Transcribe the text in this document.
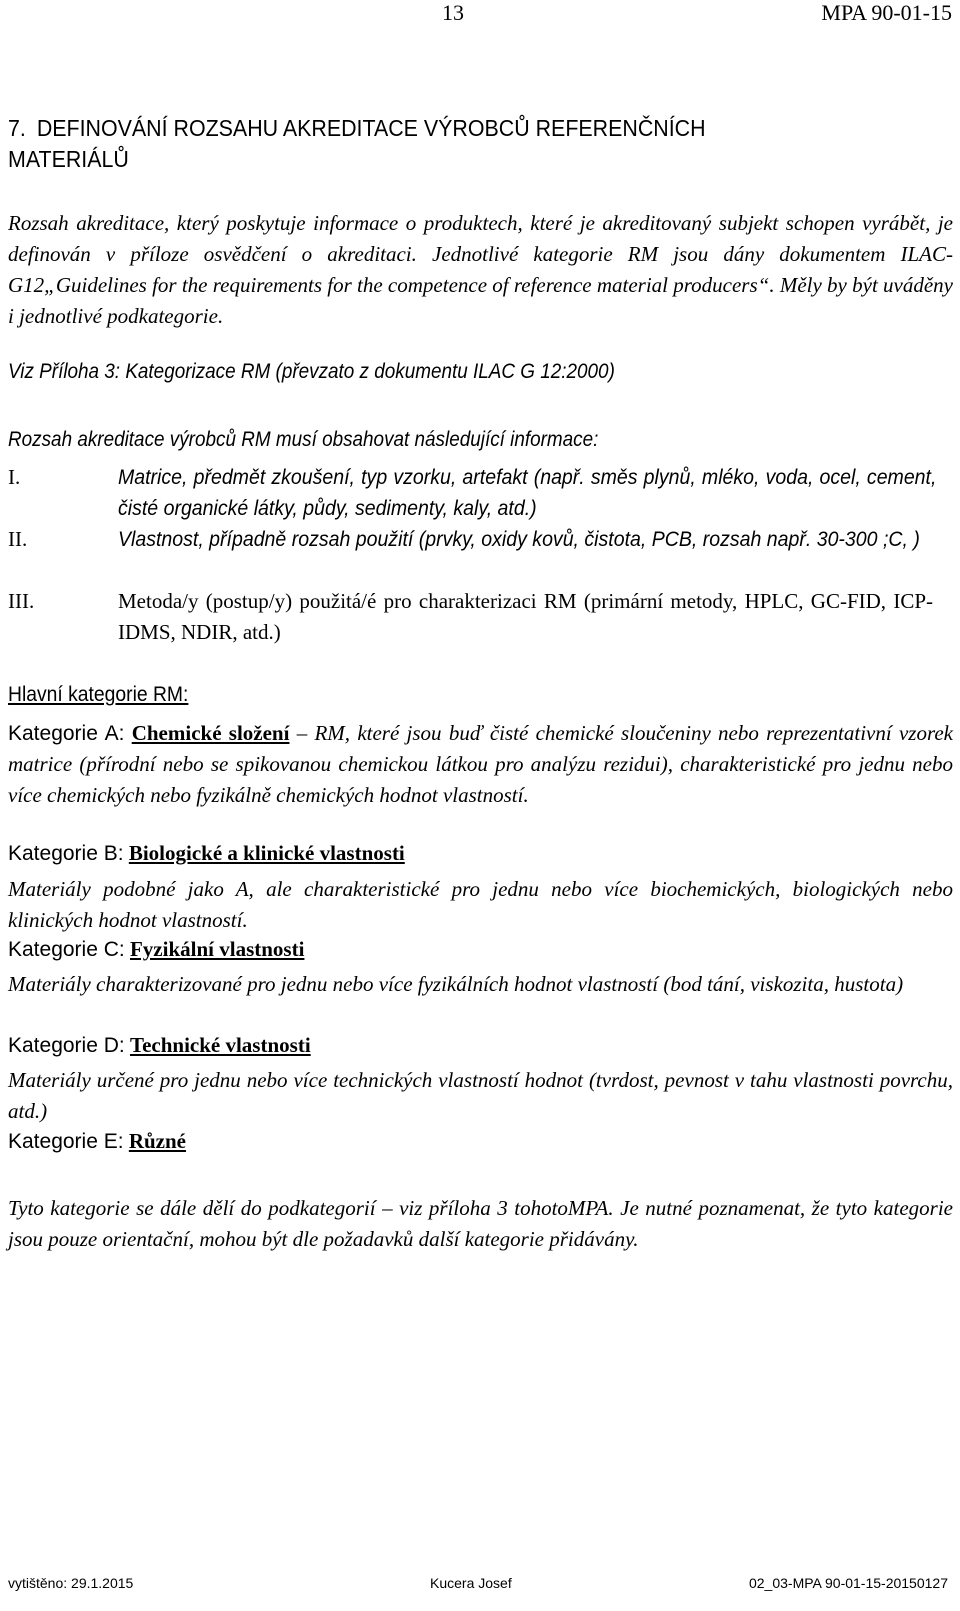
13	MPA 90-01-15
7. DEFINOVÁNÍ ROZSAHU AKREDITACE VÝROBCŮ REFERENČNÍCH
MATERIÁLŮ
Rozsah akreditace, který poskytuje informace o produktech, které je akreditovaný subjekt schopen vyrábět, je definován v příloze osvědčení o akreditaci. Jednotlivé kategorie RM jsou dány dokumentem ILAC-G12„Guidelines for the requirements for the competence of reference material producers“. Měly by být uváděny i jednotlivé podkategorie.
Viz Příloha 3: Kategorizace RM (převzato z dokumentu ILAC G 12:2000)
Rozsah akreditace výrobců RM musí obsahovat následující informace:
I.	Matrice, předmět zkoušení, typ vzorku, artefakt (např. směs plynů, mléko, voda, ocel, cement, čisté organické látky, půdy, sedimenty, kaly, atd.)
II.	Vlastnost, případně rozsah použití (prvky, oxidy kovů, čistota, PCB, rozsah např. 30-300 ;C, )
III.	Metoda/y (postup/y) použitá/é pro charakterizaci RM (primární metody, HPLC, GC-FID, ICP-IDMS, NDIR, atd.)
Hlavní kategorie RM:
Kategorie A: Chemické složení – RM, které jsou buď čisté chemické sloučeniny nebo reprezentativní vzorek matrice (přírodní nebo se spikovanou chemickou látkou pro analýzu rezidui), charakteristické pro jednu nebo více chemických nebo fyzikálně chemických hodnot vlastností.
Kategorie B: Biologické a klinické vlastnosti
Materiály podobné jako A, ale charakteristické pro jednu nebo více biochemických, biologických nebo klinických hodnot vlastností.
Kategorie C: Fyzikální vlastnosti
Materiály charakterizované pro jednu nebo více fyzikálních hodnot vlastností (bod tání, viskozita, hustota)
Kategorie D: Technické vlastnosti
Materiály určené pro jednu nebo více technických vlastností hodnot (tvrdost, pevnost v tahu vlastnosti povrchu, atd.)
Kategorie E: Různé
Tyto kategorie se dále dělí do podkategorií – viz příloha 3 tohotoMPA. Je nutné poznamenat, že tyto kategorie jsou pouze orientační, mohou být dle požadavků další kategorie přidávány.
vytištěno: 29.1.2015	Kucera Josef	02_03-MPA 90-01-15-20150127
